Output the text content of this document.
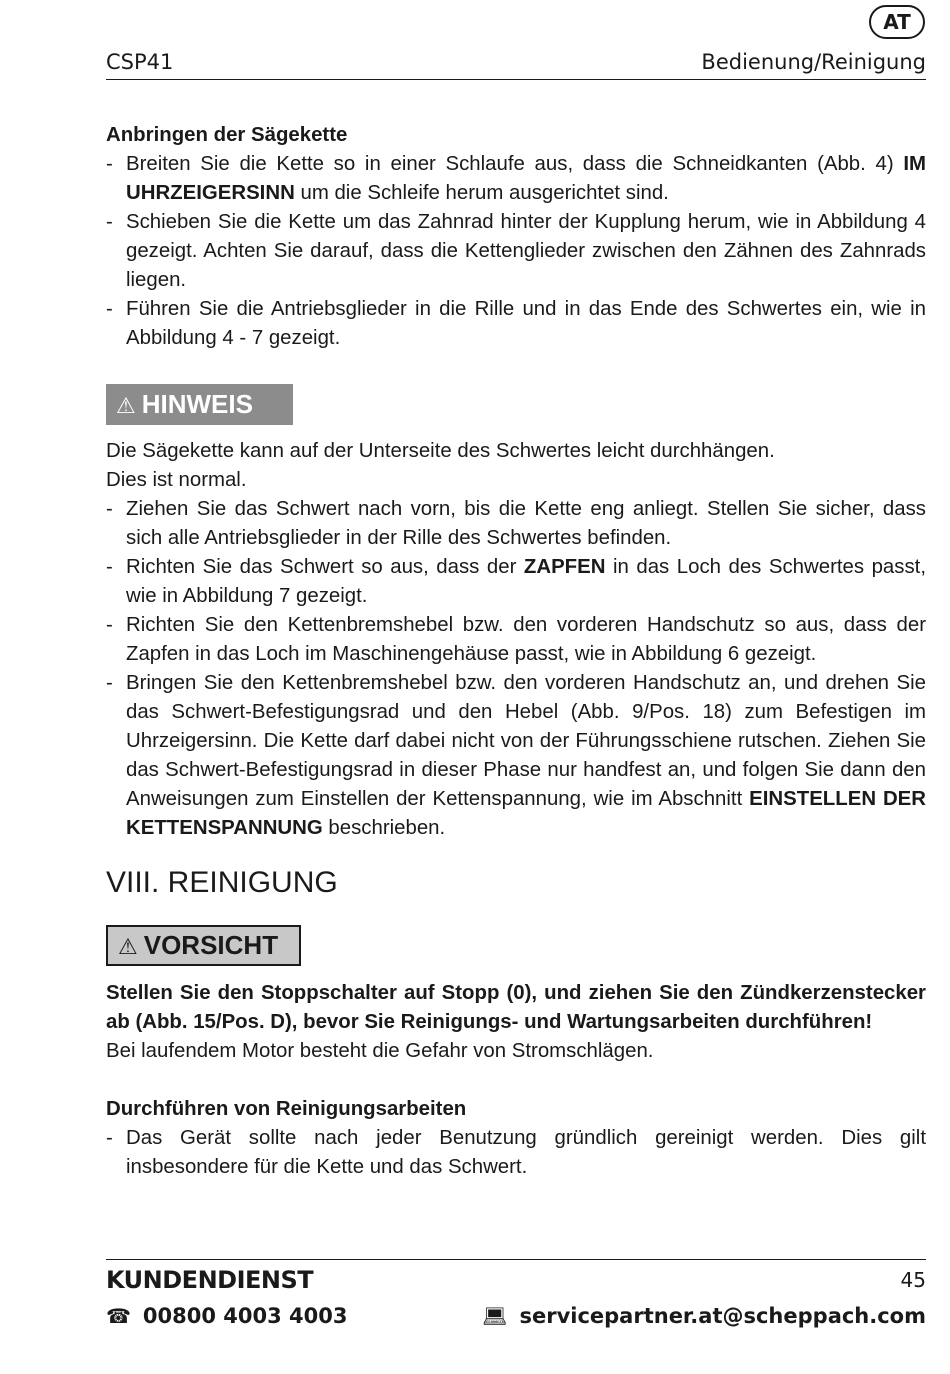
AT
CSP41	Bedienung/Reinigung

Anbringen der Sägekette

- Breiten Sie die Kette so in einer Schlaufe aus, dass die Schneidkanten (Abb. 4) IM UHRZEIGERSINN um die Schleife herum ausgerichtet sind.
- Schieben Sie die Kette um das Zahnrad hinter der Kupplung herum, wie in Abbildung 4 gezeigt. Achten Sie darauf, dass die Kettenglieder zwischen den Zähnen des Zahnrads liegen.
- Führen Sie die Antriebsglieder in die Rille und in das Ende des Schwertes ein, wie in Abbildung 4 - 7 gezeigt.
⚠ HINWEIS

Die Sägekette kann auf der Unterseite des Schwertes leicht durchhängen.

Dies ist normal.

- Ziehen Sie das Schwert nach vorn, bis die Kette eng anliegt. Stellen Sie sicher, dass sich alle Antriebsglieder in der Rille des Schwertes befinden.
- Richten Sie das Schwert so aus, dass der ZAPFEN in das Loch des Schwertes passt, wie in Abbildung 7 gezeigt.
- Richten Sie den Kettenbremshebel bzw. den vorderen Handschutz so aus, dass der Zapfen in das Loch im Maschinengehäuse passt, wie in Abbildung 6 gezeigt.
- Bringen Sie den Kettenbremshebel bzw. den vorderen Handschutz an, und drehen Sie das Schwert-Befestigungsrad und den Hebel (Abb. 9/Pos. 18) zum Befestigen im Uhrzeigersinn. Die Kette darf dabei nicht von der Führungsschiene rutschen. Ziehen Sie das Schwert-Befestigungsrad in dieser Phase nur handfest an, und folgen Sie dann den Anweisungen zum Einstellen der Kettenspannung, wie im Abschnitt EINSTELLEN DER KETTENSPANNUNG beschrieben.
VIII. REINIGUNG
⚠ VORSICHT

Stellen Sie den Stoppschalter auf Stopp (0), und ziehen Sie den Zündkerzenstecker ab (Abb. 15/Pos. D), bevor Sie Reinigungs- und Wartungsarbeiten durchführen!

Bei laufendem Motor besteht die Gefahr von Stromschlägen.

Durchführen von Reinigungsarbeiten

- Das Gerät sollte nach jeder Benutzung gründlich gereinigt werden. Dies gilt insbesondere für die Kette und das Schwert.
KUNDENDIENST	45
☎ 00800 4003 4003	💻︎ servicepartner.at@scheppach.com
